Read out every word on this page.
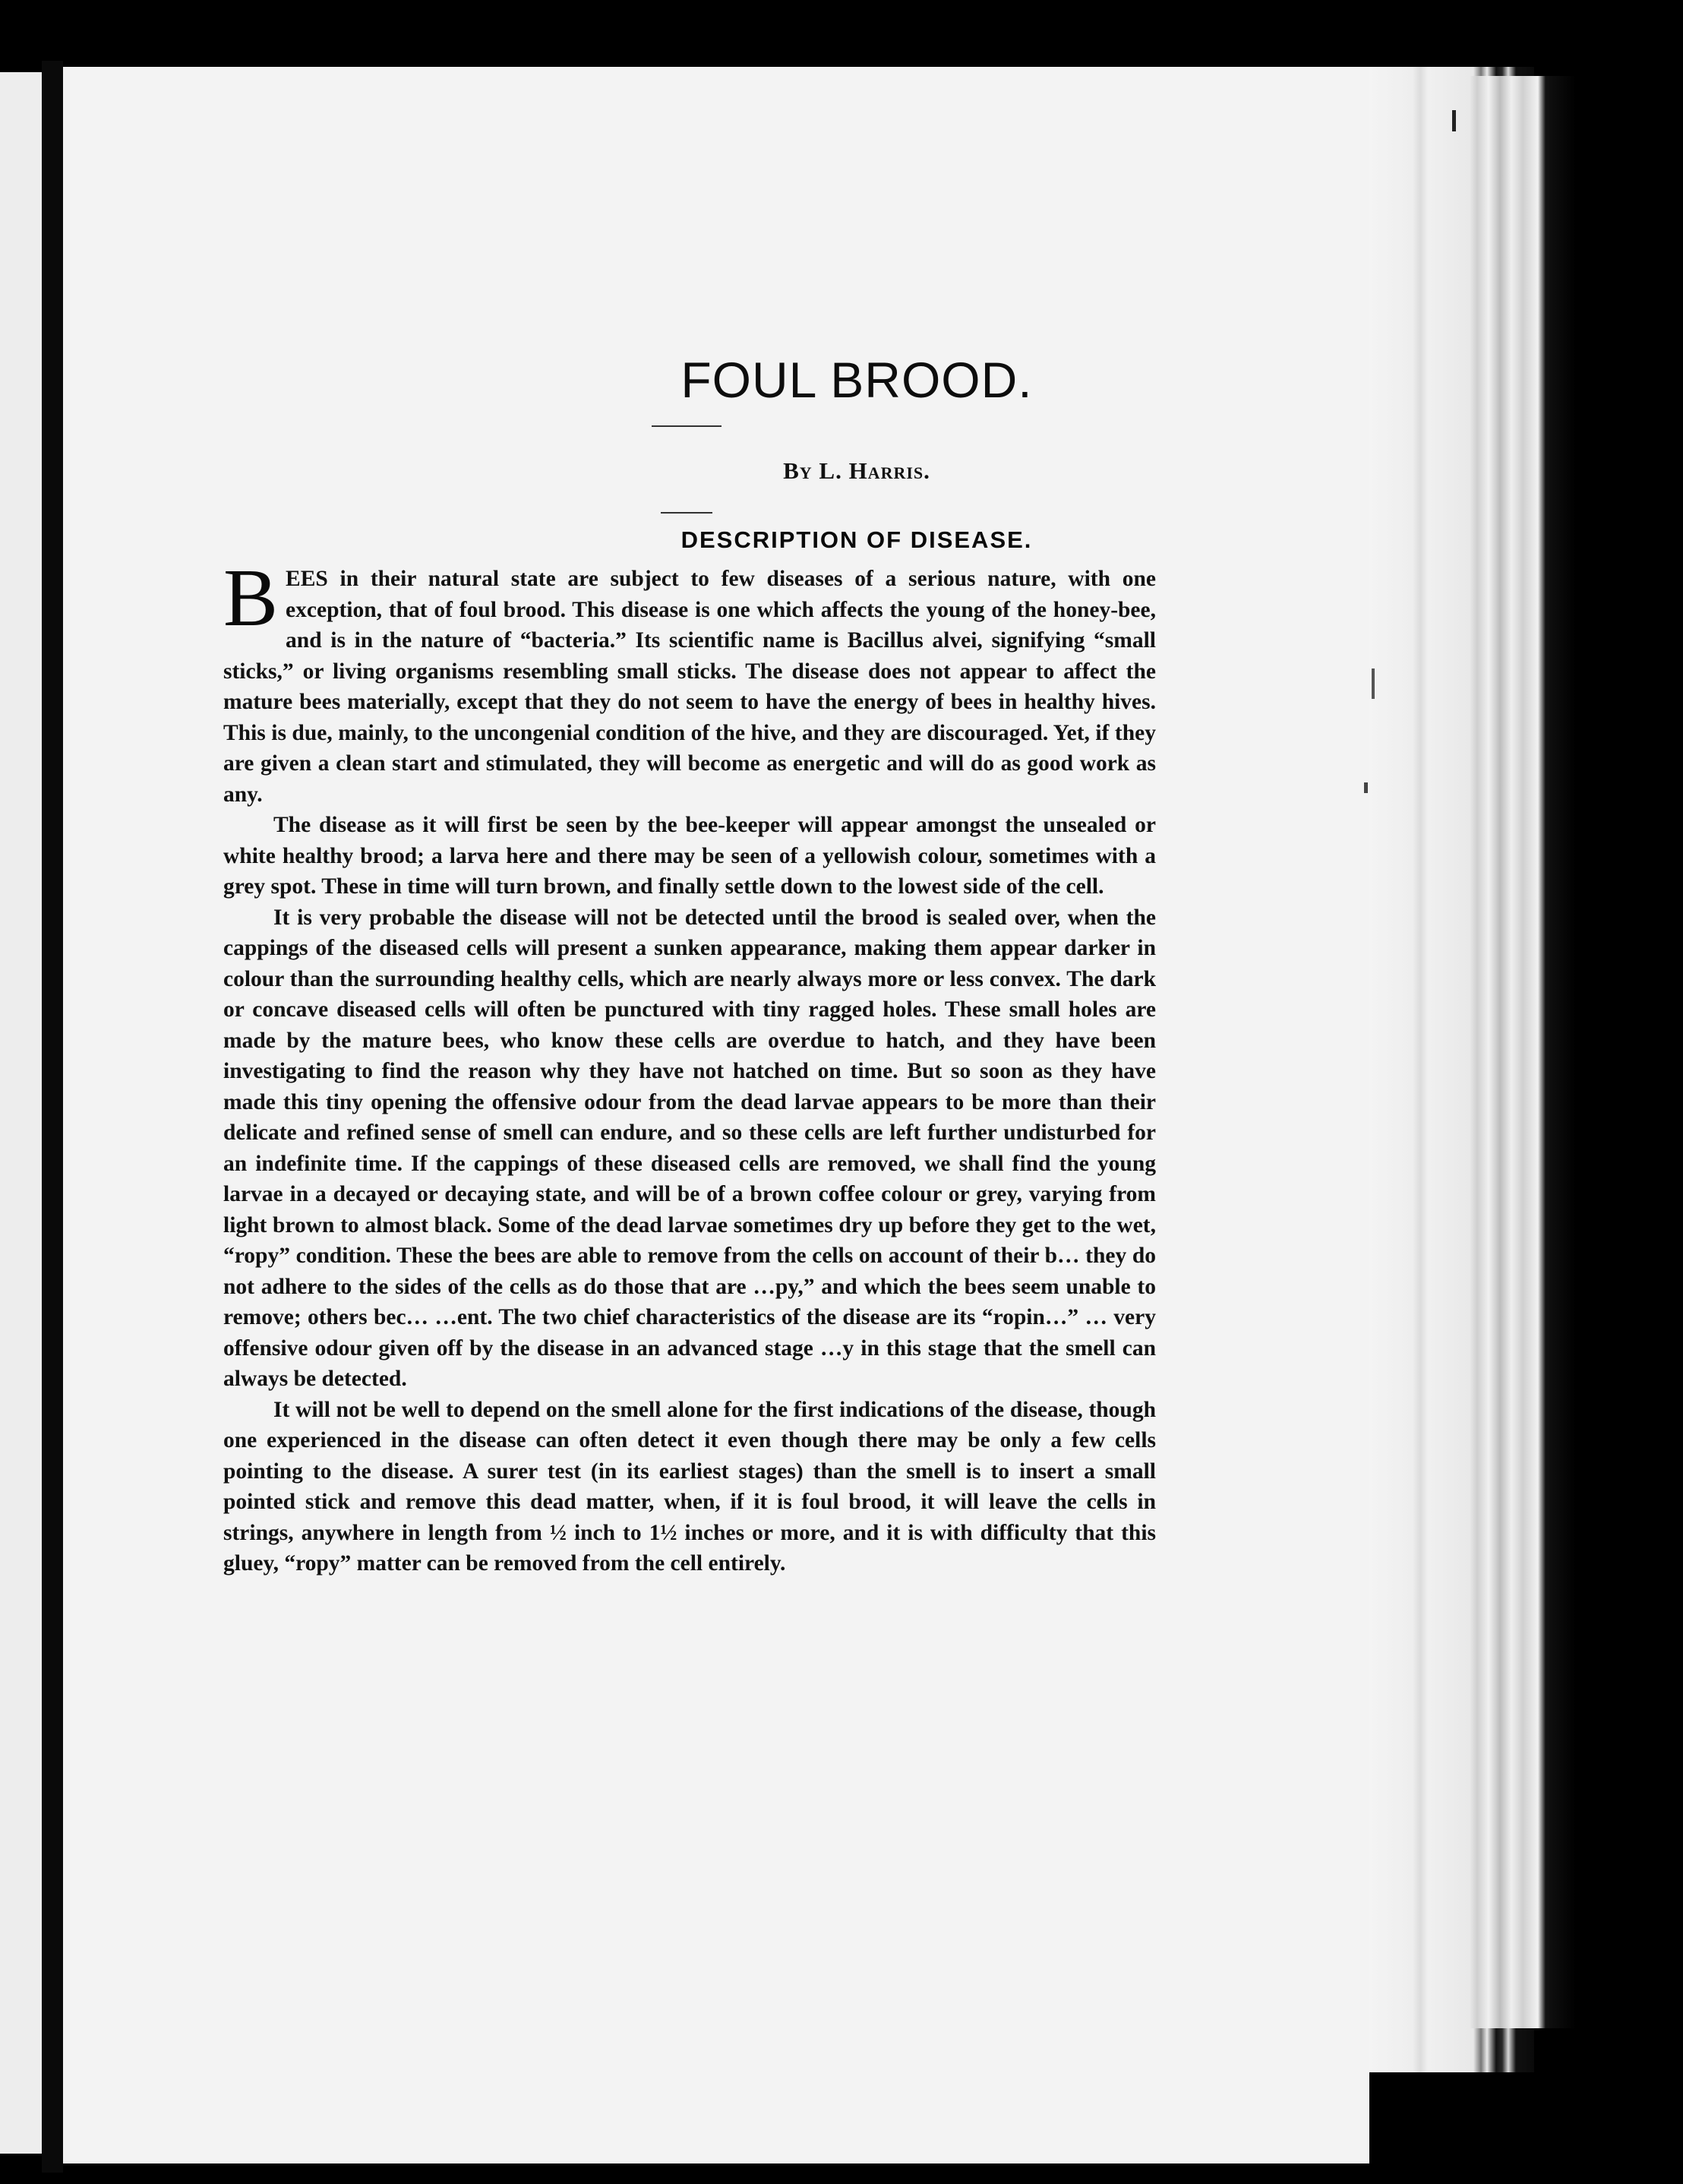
FOUL BROOD.
By L. Harris.
DESCRIPTION OF DISEASE.

BEES in their natural state are subject to few diseases of a serious nature, with one exception, that of foul brood. This disease is one which affects the young of the honey-bee, and is in the nature of “bacteria.” Its scientific name is Bacillus alvei, signifying “small sticks,” or living organisms resembling small sticks. The disease does not appear to affect the mature bees materially, except that they do not seem to have the energy of bees in healthy hives. This is due, mainly, to the uncongenial condition of the hive, and they are discouraged. Yet, if they are given a clean start and stimulated, they will become as energetic and will do as good work as any.

The disease as it will first be seen by the bee-keeper will appear amongst the unsealed or white healthy brood; a larva here and there may be seen of a yellowish colour, sometimes with a grey spot. These in time will turn brown, and finally settle down to the lowest side of the cell.

It is very probable the disease will not be detected until the brood is sealed over, when the cappings of the diseased cells will present a sunken appearance, making them appear darker in colour than the surrounding healthy cells, which are nearly always more or less convex. The dark or concave diseased cells will often be punctured with tiny ragged holes. These small holes are made by the mature bees, who know these cells are overdue to hatch, and they have been investigating to find the reason why they have not hatched on time. But so soon as they have made this tiny opening the offensive odour from the dead larvae appears to be more than their delicate and refined sense of smell can endure, and so these cells are left further undisturbed for an indefinite time. If the cappings of these diseased cells are removed, we shall find the young larvae in a decayed or decaying state, and will be of a brown coffee colour or grey, varying from light brown to almost black. Some of the dead larvae sometimes dry up before they get to the wet, “ropy” condition. These the bees are able to remove from the cells on account of their b… they do not adhere to the sides of the cells as do those that are …py,” and which the bees seem unable to remove; others bec… …ent. The two chief characteristics of the disease are its “ropin…” … very offensive odour given off by the disease in an advanced stage …y in this stage that the smell can always be detected.

It will not be well to depend on the smell alone for the first indications of the disease, though one experienced in the disease can often detect it even though there may be only a few cells pointing to the disease. A surer test (in its earliest stages) than the smell is to insert a small pointed stick and remove this dead matter, when, if it is foul brood, it will leave the cells in strings, anywhere in length from ½ inch to 1½ inches or more, and it is with difficulty that this gluey, “ropy” matter can be removed from the cell entirely.
